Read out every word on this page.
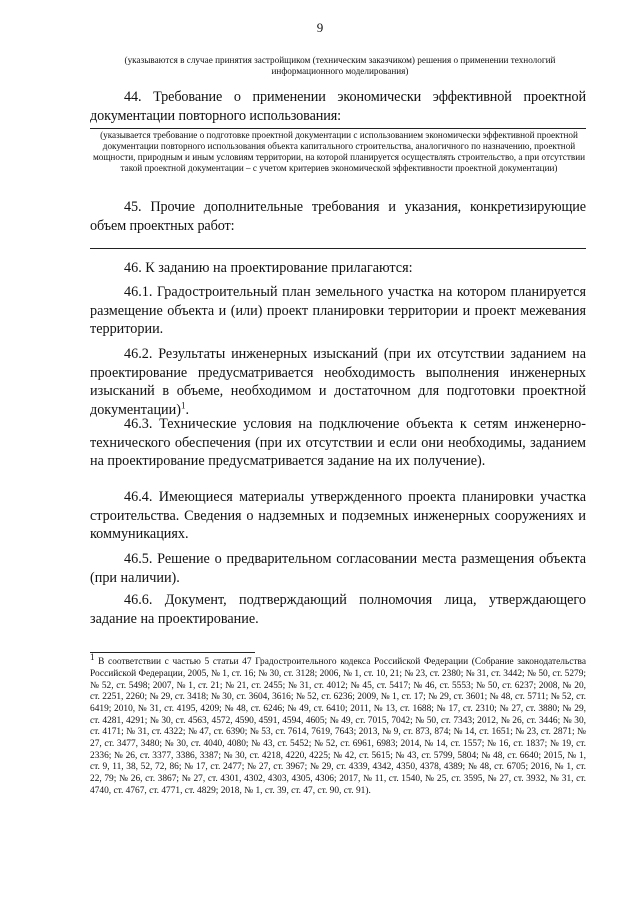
9
(указываются в случае принятия застройщиком (техническим заказчиком) решения о применении технологий информационного моделирования)
44. Требование о применении экономически эффективной проектной документации повторного использования:
(указывается требование о подготовке проектной документации с использованием экономически эффективной проектной документации повторного использования объекта капитального строительства, аналогичного по назначению, проектной мощности, природным и иным условиям территории, на которой планируется осуществлять строительство, а при отсутствии такой проектной документации – с учетом критериев экономической эффективности проектной документации)
45. Прочие дополнительные требования и указания, конкретизирующие объем проектных работ:
46. К заданию на проектирование прилагаются:
46.1. Градостроительный план земельного участка на котором планируется размещение объекта и (или) проект планировки территории и проект межевания территории.
46.2. Результаты инженерных изысканий (при их отсутствии заданием на проектирование предусматривается необходимость выполнения инженерных изысканий в объеме, необходимом и достаточном для подготовки проектной документации)$^1$.
46.3. Технические условия на подключение объекта к сетям инженерно-технического обеспечения (при их отсутствии и если они необходимы, заданием на проектирование предусматривается задание на их получение).
46.4. Имеющиеся материалы утвержденного проекта планировки участка строительства. Сведения о надземных и подземных инженерных сооружениях и коммуникациях.
46.5. Решение о предварительном согласовании места размещения объекта (при наличии).
46.6. Документ, подтверждающий полномочия лица, утверждающего задание на проектирование.
$^1$ В соответствии с частью 5 статьи 47 Градостроительного кодекса Российской Федерации (Собрание законодательства Российской Федерации, 2005, № 1, ст. 16; № 30, ст. 3128; 2006, № 1, ст. 10, 21; № 23, ст. 2380; № 31, ст. 3442; № 50, ст. 5279; № 52, ст. 5498; 2007, № 1, ст. 21; № 21, ст. 2455; № 31, ст. 4012; № 45, ст. 5417; № 46, ст. 5553; № 50, ст. 6237; 2008, № 20, ст. 2251, 2260; № 29, ст. 3418; № 30, ст. 3604, 3616; № 52, ст. 6236; 2009, № 1, ст. 17; № 29, ст. 3601; № 48, ст. 5711; № 52, ст. 6419; 2010, № 31, ст. 4195, 4209; № 48, ст. 6246; № 49, ст. 6410; 2011, № 13, ст. 1688; № 17, ст. 2310; № 27, ст. 3880; № 29, ст. 4281, 4291; № 30, ст. 4563, 4572, 4590, 4591, 4594, 4605; № 49, ст. 7015, 7042; № 50, ст. 7343; 2012, № 26, ст. 3446; № 30, ст. 4171; № 31, ст. 4322; № 47, ст. 6390; № 53, ст. 7614, 7619, 7643; 2013, № 9, ст. 873, 874; № 14, ст. 1651; № 23, ст. 2871; № 27, ст. 3477, 3480; № 30, ст. 4040, 4080; № 43, ст. 5452; № 52, ст. 6961, 6983; 2014, № 14, ст. 1557; № 16, ст. 1837; № 19, ст. 2336; № 26, ст. 3377, 3386, 3387; № 30, ст. 4218, 4220, 4225; № 42, ст. 5615; № 43, ст. 5799, 5804; № 48, ст. 6640; 2015, № 1, ст. 9, 11, 38, 52, 72, 86; № 17, ст. 2477; № 27, ст. 3967; № 29, ст. 4339, 4342, 4350, 4378, 4389; № 48, ст. 6705; 2016, № 1, ст. 22, 79; № 26, ст. 3867; № 27, ст. 4301, 4302, 4303, 4305, 4306; 2017, № 11, ст. 1540, № 25, ст. 3595, № 27, ст. 3932, № 31, ст. 4740, ст. 4767, ст. 4771, ст. 4829; 2018, № 1, ст. 39, ст. 47, ст. 90, ст. 91).
